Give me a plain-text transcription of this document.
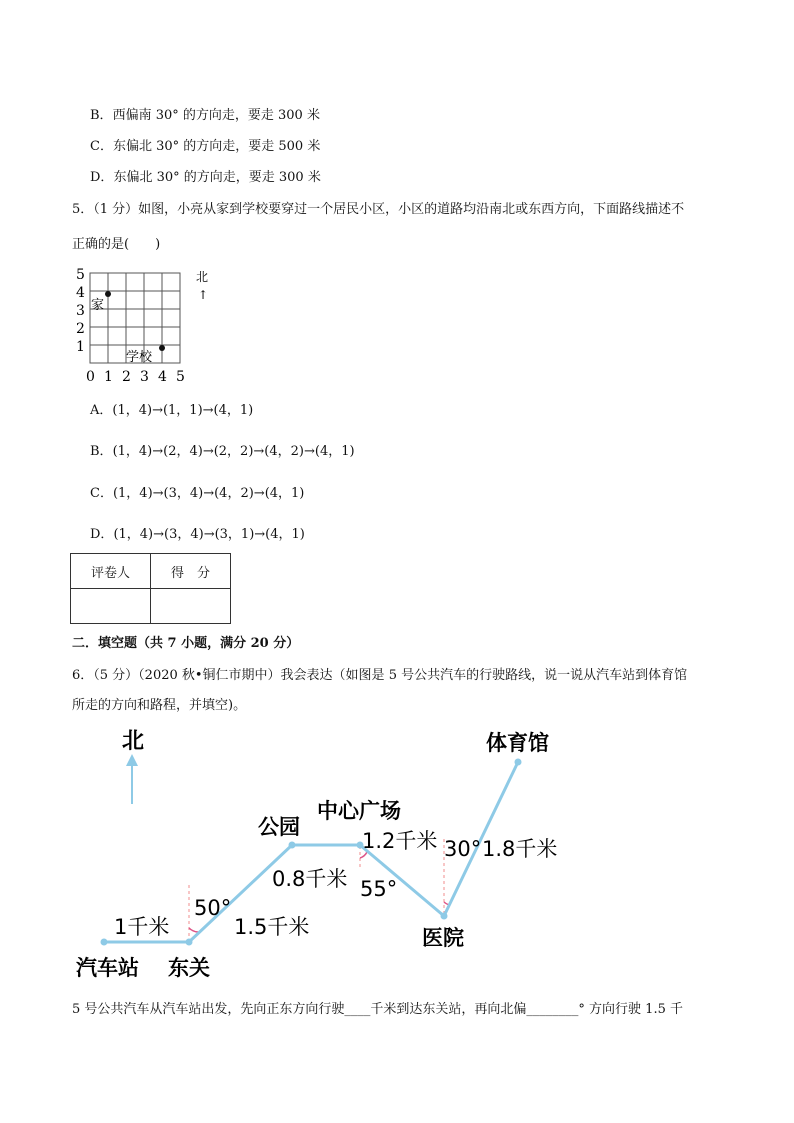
B．西偏南 30° 的方向走，要走 300 米
C．东偏北 30° 的方向走，要走 500 米
D．东偏北 30° 的方向走，要走 300 米
5．（1 分）如图，小亮从家到学校要穿过一个居民小区，小区的道路均沿南北或东西方向，下面路线描述不
正确的是(　　)
5
4
3
2
1
0 1 2 3 4 5
家
学校
北
↑
A．(1，4)→(1，1)→(4，1)
B．(1，4)→(2，4)→(2，2)→(4，2)→(4，1)
C．(1，4)→(3，4)→(4，2)→(4，1)
D．(1，4)→(3，4)→(3，1)→(4，1)
评卷人	得　分

二．填空题（共 7 小题，满分 20 分）
6．（5 分）（2020 秋•铜仁市期中）我会表达（如图是 5 号公共汽车的行驶路线，说一说从汽车站到体育馆
所走的方向和路程，并填空)。
北
汽车站 东关
公园
中心广场
医院
体育馆
1千米	1.5千米
0.8千米
1.2千米 1.8千米
50°
55°
30°
5 号公共汽车从汽车站出发，先向正东方向行驶____千米到达东关站，再向北偏________° 方向行驶 1.5 千
